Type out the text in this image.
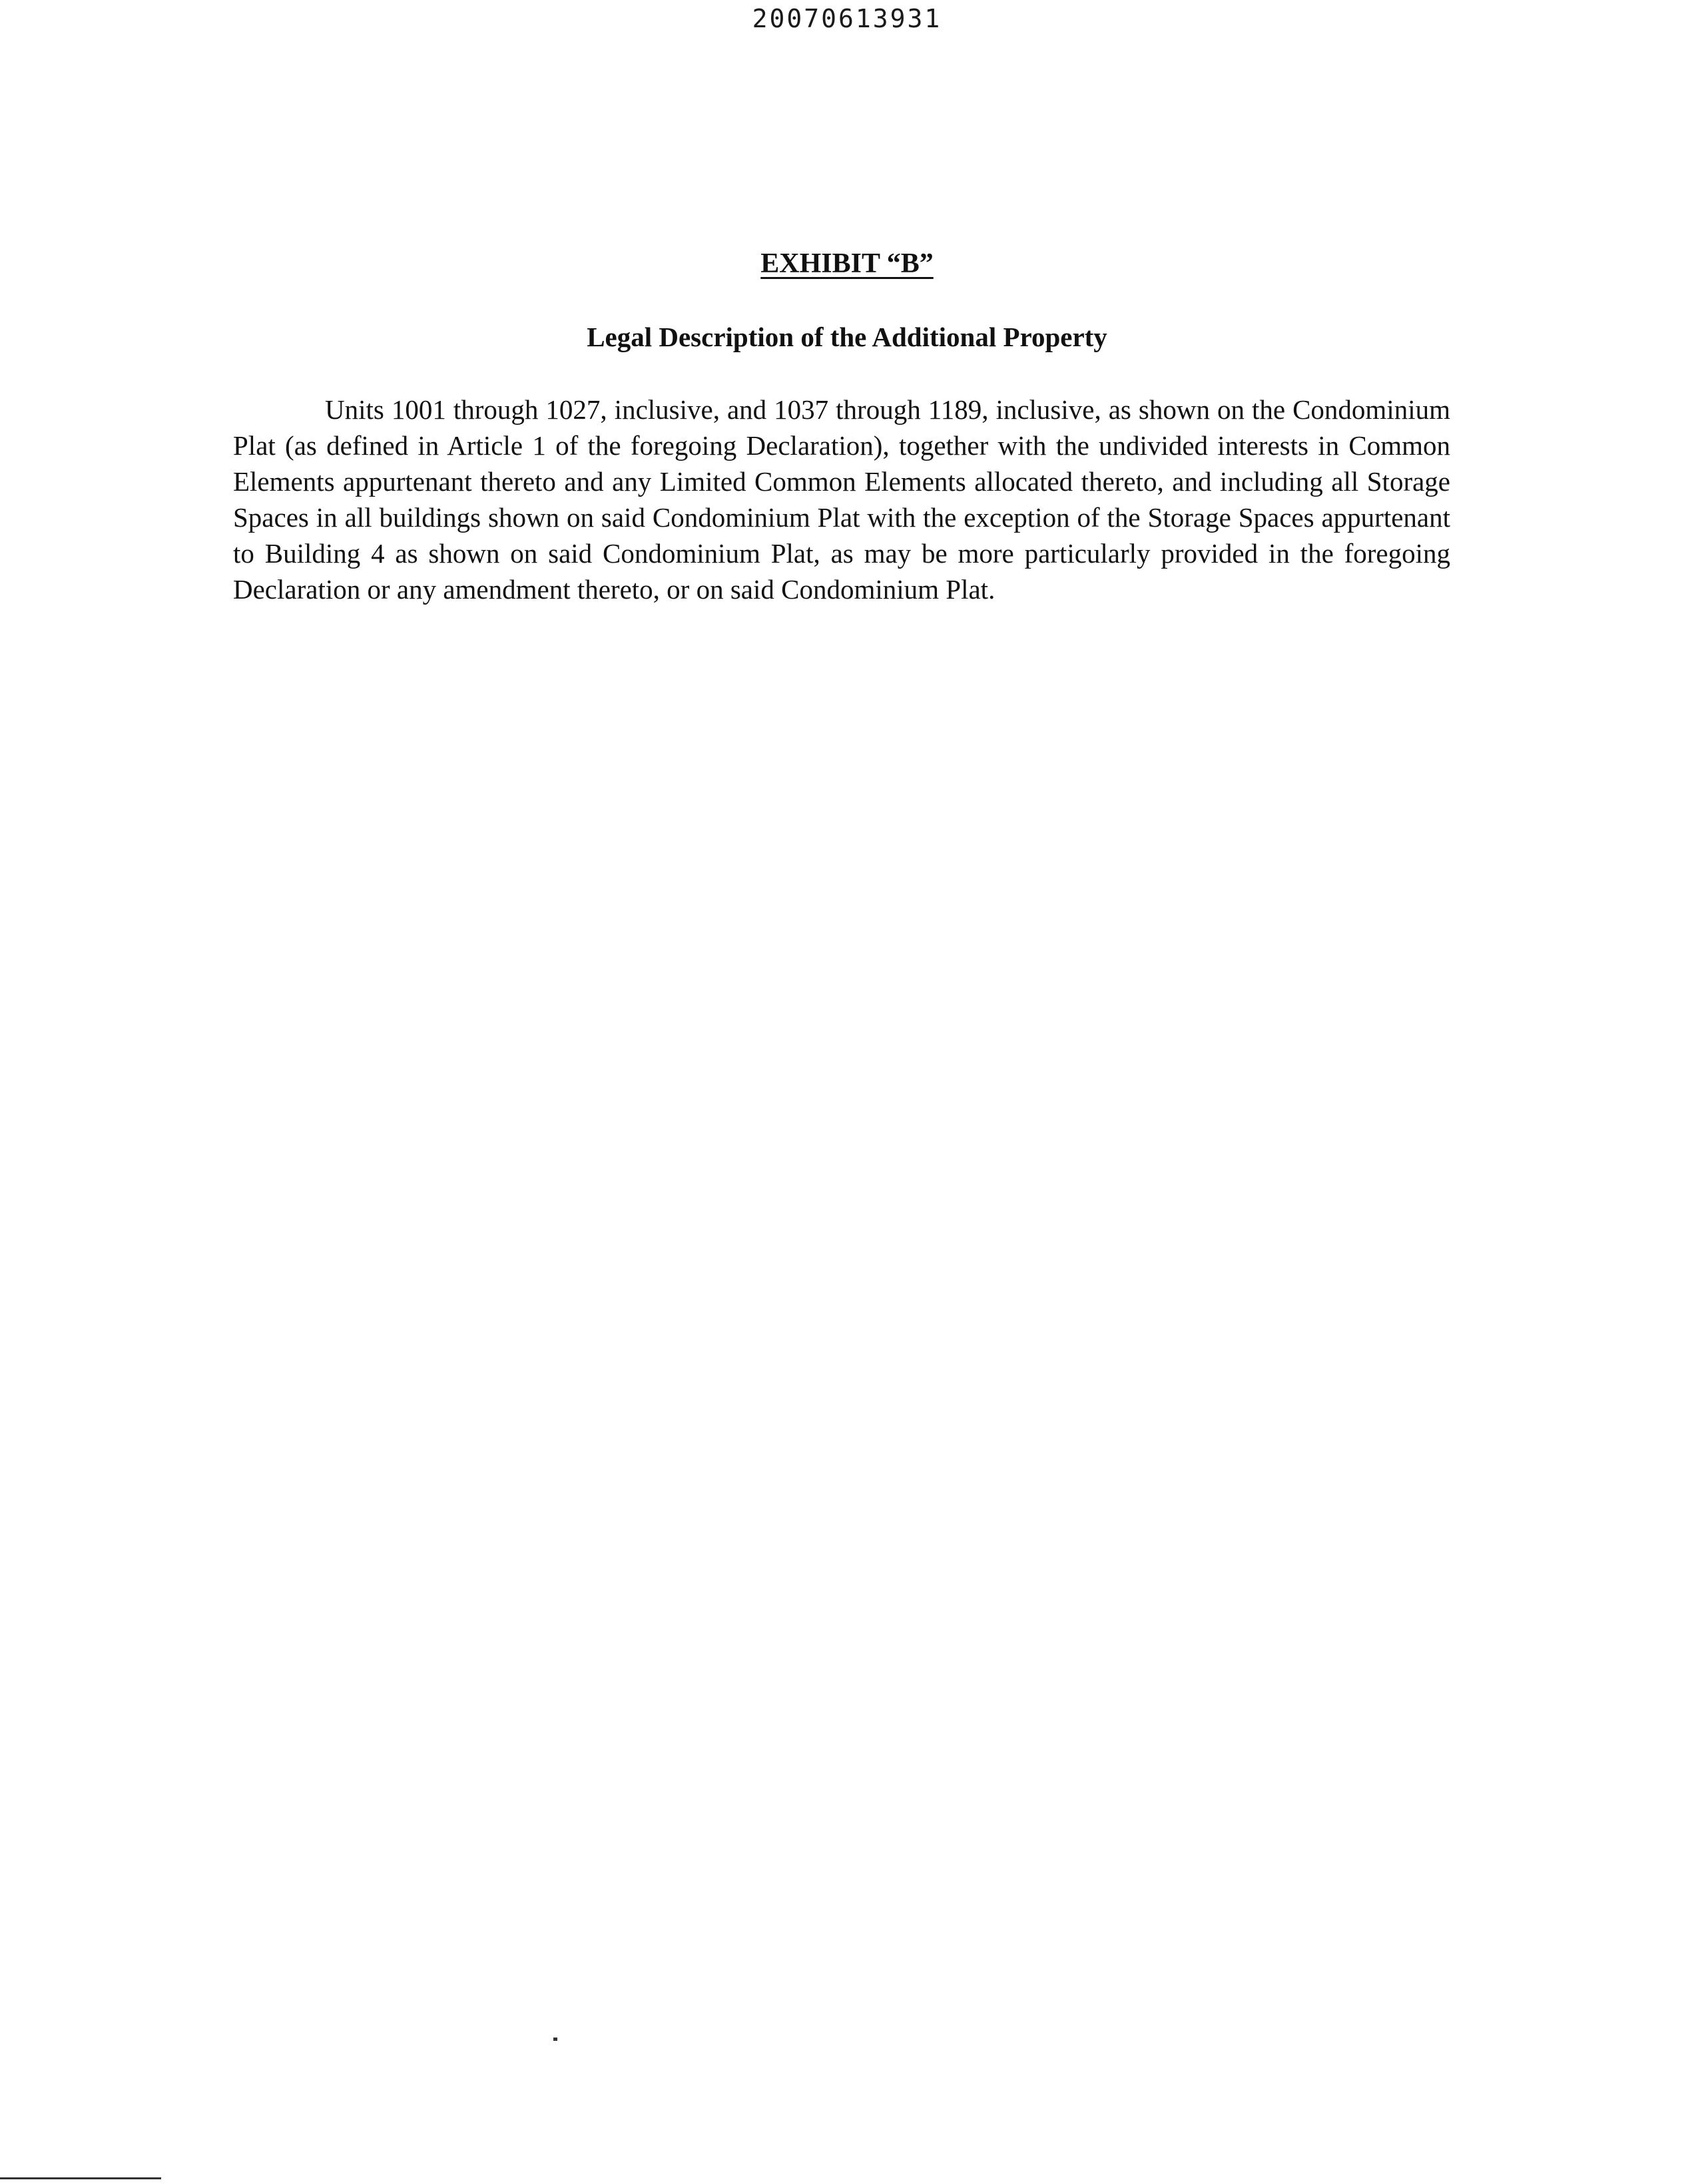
20070613931
EXHIBIT “B”
Legal Description of the Additional Property

Units 1001 through 1027, inclusive, and 1037 through 1189, inclusive, as shown on the Condominium Plat (as defined in Article 1 of the foregoing Declaration), together with the undivided interests in Common Elements appurtenant thereto and any Limited Common Elements allocated thereto, and including all Storage Spaces in all buildings shown on said Condominium Plat with the exception of the Storage Spaces appurtenant to Building 4 as shown on said Condominium Plat, as may be more particularly provided in the foregoing Declaration or any amendment thereto, or on said Condominium Plat.
